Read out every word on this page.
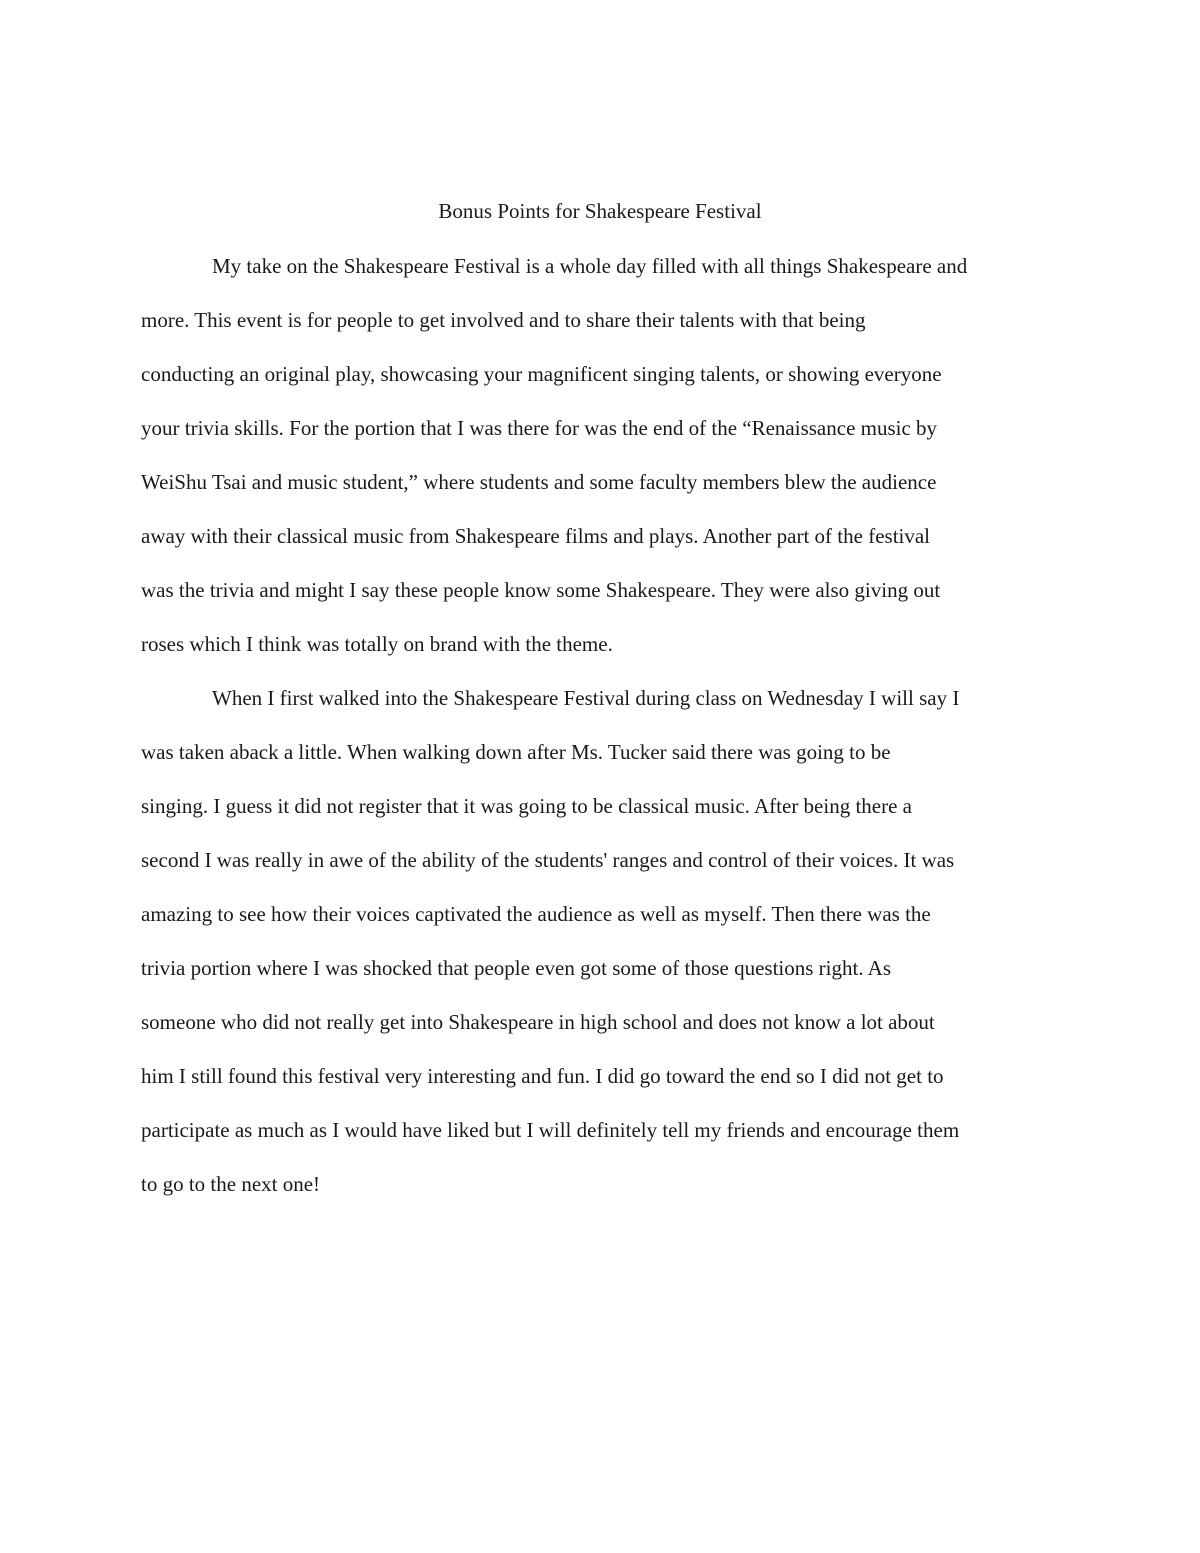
Bonus Points for Shakespeare Festival
My take on the Shakespeare Festival is a whole day filled with all things Shakespeare and
more. This event is for people to get involved and to share their talents with that being
conducting an original play, showcasing your magnificent singing talents, or showing everyone
your trivia skills. For the portion that I was there for was the end of the “Renaissance music by
WeiShu Tsai and music student,” where students and some faculty members blew the audience
away with their classical music from Shakespeare films and plays. Another part of the festival
was the trivia and might I say these people know some Shakespeare. They were also giving out
roses which I think was totally on brand with the theme.
When I first walked into the Shakespeare Festival during class on Wednesday I will say I
was taken aback a little. When walking down after Ms. Tucker said there was going to be
singing. I guess it did not register that it was going to be classical music. After being there a
second I was really in awe of the ability of the students' ranges and control of their voices. It was
amazing to see how their voices captivated the audience as well as myself. Then there was the
trivia portion where I was shocked that people even got some of those questions right. As
someone who did not really get into Shakespeare in high school and does not know a lot about
him I still found this festival very interesting and fun. I did go toward the end so I did not get to
participate as much as I would have liked but I will definitely tell my friends and encourage them
to go to the next one!
